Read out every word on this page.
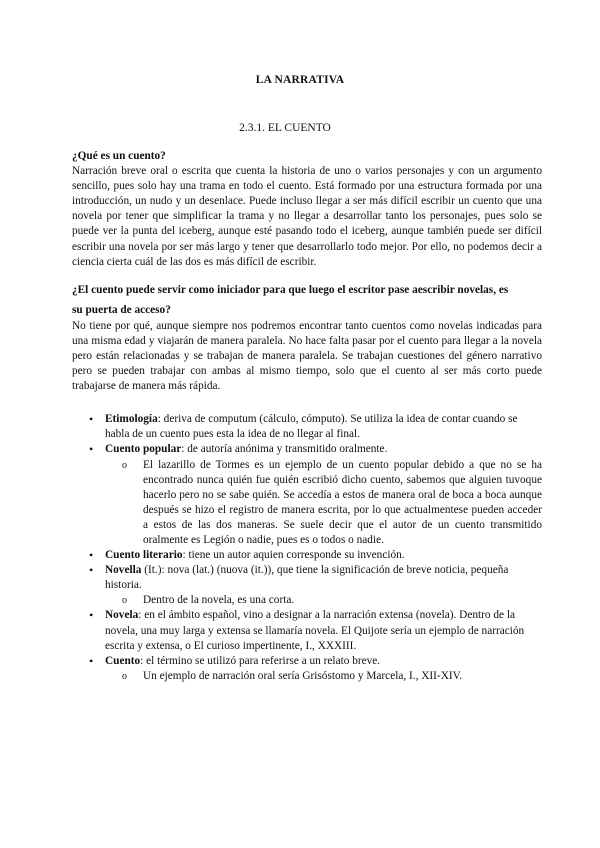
LA NARRATIVA
2.3.1. EL CUENTO

¿Qué es un cuento?

Narración breve oral o escrita que cuenta la historia de uno o varios personajes y con un argumento sencillo, pues solo hay una trama en todo el cuento. Está formado por una estructura formada por una introducción, un nudo y un desenlace. Puede incluso llegar a ser más difícil escribir un cuento que una novela por tener que simplificar la trama y no llegar a desarrollar tanto los personajes, pues solo se puede ver la punta del iceberg, aunque esté pasando todo el iceberg, aunque también puede ser difícil escribir una novela por ser más largo y tener que desarrollarlo todo mejor. Por ello, no podemos decir a ciencia cierta cuál de las dos es más difícil de escribir.

¿El cuento puede servir como iniciador para que luego el escritor pase aescribir novelas, es

su puerta de acceso?

No tiene por qué, aunque siempre nos podremos encontrar tanto cuentos como novelas indicadas para una misma edad y viajarán de manera paralela. No hace falta pasar por el cuento para llegar a la novela pero están relacionadas y se trabajan de manera paralela. Se trabajan cuestiones del género narrativo pero se pueden trabajar con ambas al mismo tiempo, solo que el cuento al ser más corto puede trabajarse de manera más rápida.

• Etimología: deriva de computum (cálculo, cómputo). Se utiliza la idea de contar cuando se habla de un cuento pues esta la idea de no llegar al final.
• Cuento popular: de autoría anónima y transmitido oralmente.
o El lazarillo de Tormes es un ejemplo de un cuento popular debido a que no se ha encontrado nunca quién fue quién escribió dicho cuento, sabemos que alguien tuvoque hacerlo pero no se sabe quién. Se accedía a estos de manera oral de boca a boca aunque después se hizo el registro de manera escrita, por lo que actualmentese pueden acceder a estos de las dos maneras. Se suele decir que el autor de un cuento transmitido oralmente es Legión o nadie, pues es o todos o nadie.
• Cuento literario: tiene un autor aquien corresponde su invención.
• Novella (It.): nova (lat.) (nuova (it.)), que tiene la significación de breve noticia, pequeña historia.
o Dentro de la novela, es una corta.
• Novela: en el ámbito español, vino a designar a la narración extensa (novela). Dentro de la novela, una muy larga y extensa se llamaría novela. El Quijote sería un ejemplo de narración escrita y extensa, o El curioso impertinente, I., XXXIII.
• Cuento: el término se utilizó para referirse a un relato breve.
o Un ejemplo de narración oral sería Grisóstomo y Marcela, I., XII-XIV.
